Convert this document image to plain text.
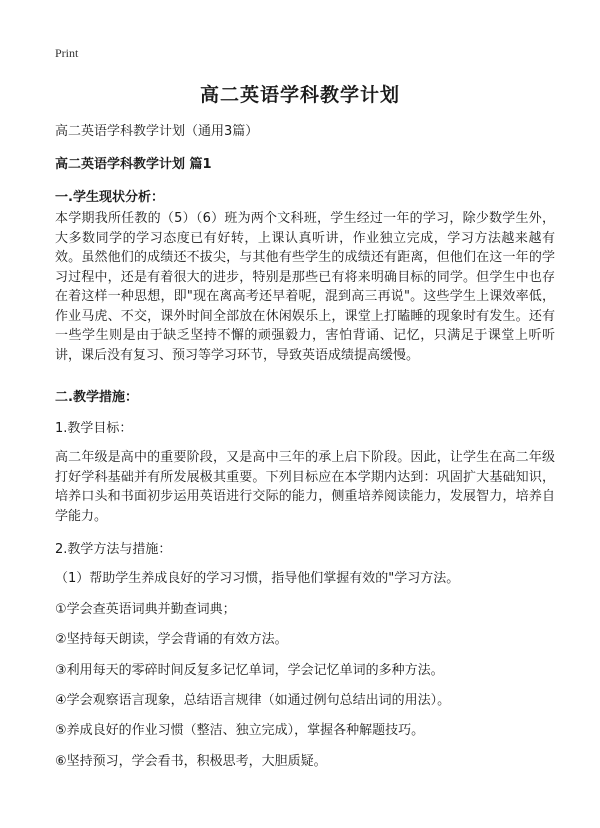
Print
高二英语学科教学计划
高二英语学科教学计划（通用3篇）
高二英语学科教学计划 篇1
一.学生现状分析：
本学期我所任教的（5）（6）班为两个文科班，学生经过一年的学习，除少数学生外，大多数同学的学习态度已有好转，上课认真听讲，作业独立完成，学习方法越来越有效。虽然他们的成绩还不拔尖，与其他有些学生的成绩还有距离，但他们在这一年的学习过程中，还是有着很大的进步，特别是那些已有将来明确目标的同学。但学生中也存在着这样一种思想，即"现在离高考还早着呢，混到高三再说"。这些学生上课效率低，作业马虎、不交，课外时间全部放在休闲娱乐上，课堂上打瞌睡的现象时有发生。还有一些学生则是由于缺乏坚持不懈的顽强毅力，害怕背诵、记忆，只满足于课堂上听听讲，课后没有复习、预习等学习环节，导致英语成绩提高缓慢。
二.教学措施：
1.教学目标：
高二年级是高中的重要阶段，又是高中三年的承上启下阶段。因此，让学生在高二年级打好学科基础并有所发展极其重要。下列目标应在本学期内达到：巩固扩大基础知识，培养口头和书面初步运用英语进行交际的能力，侧重培养阅读能力，发展智力，培养自学能力。
2.教学方法与措施：
（1）帮助学生养成良好的学习习惯，指导他们掌握有效的"学习方法。
①学会查英语词典并勤查词典；
②坚持每天朗读，学会背诵的有效方法。
③利用每天的零碎时间反复多记忆单词，学会记忆单词的多种方法。
④学会观察语言现象，总结语言规律（如通过例句总结出词的用法）。
⑤养成良好的作业习惯（整洁、独立完成），掌握各种解题技巧。
⑥坚持预习，学会看书，积极思考，大胆质疑。
